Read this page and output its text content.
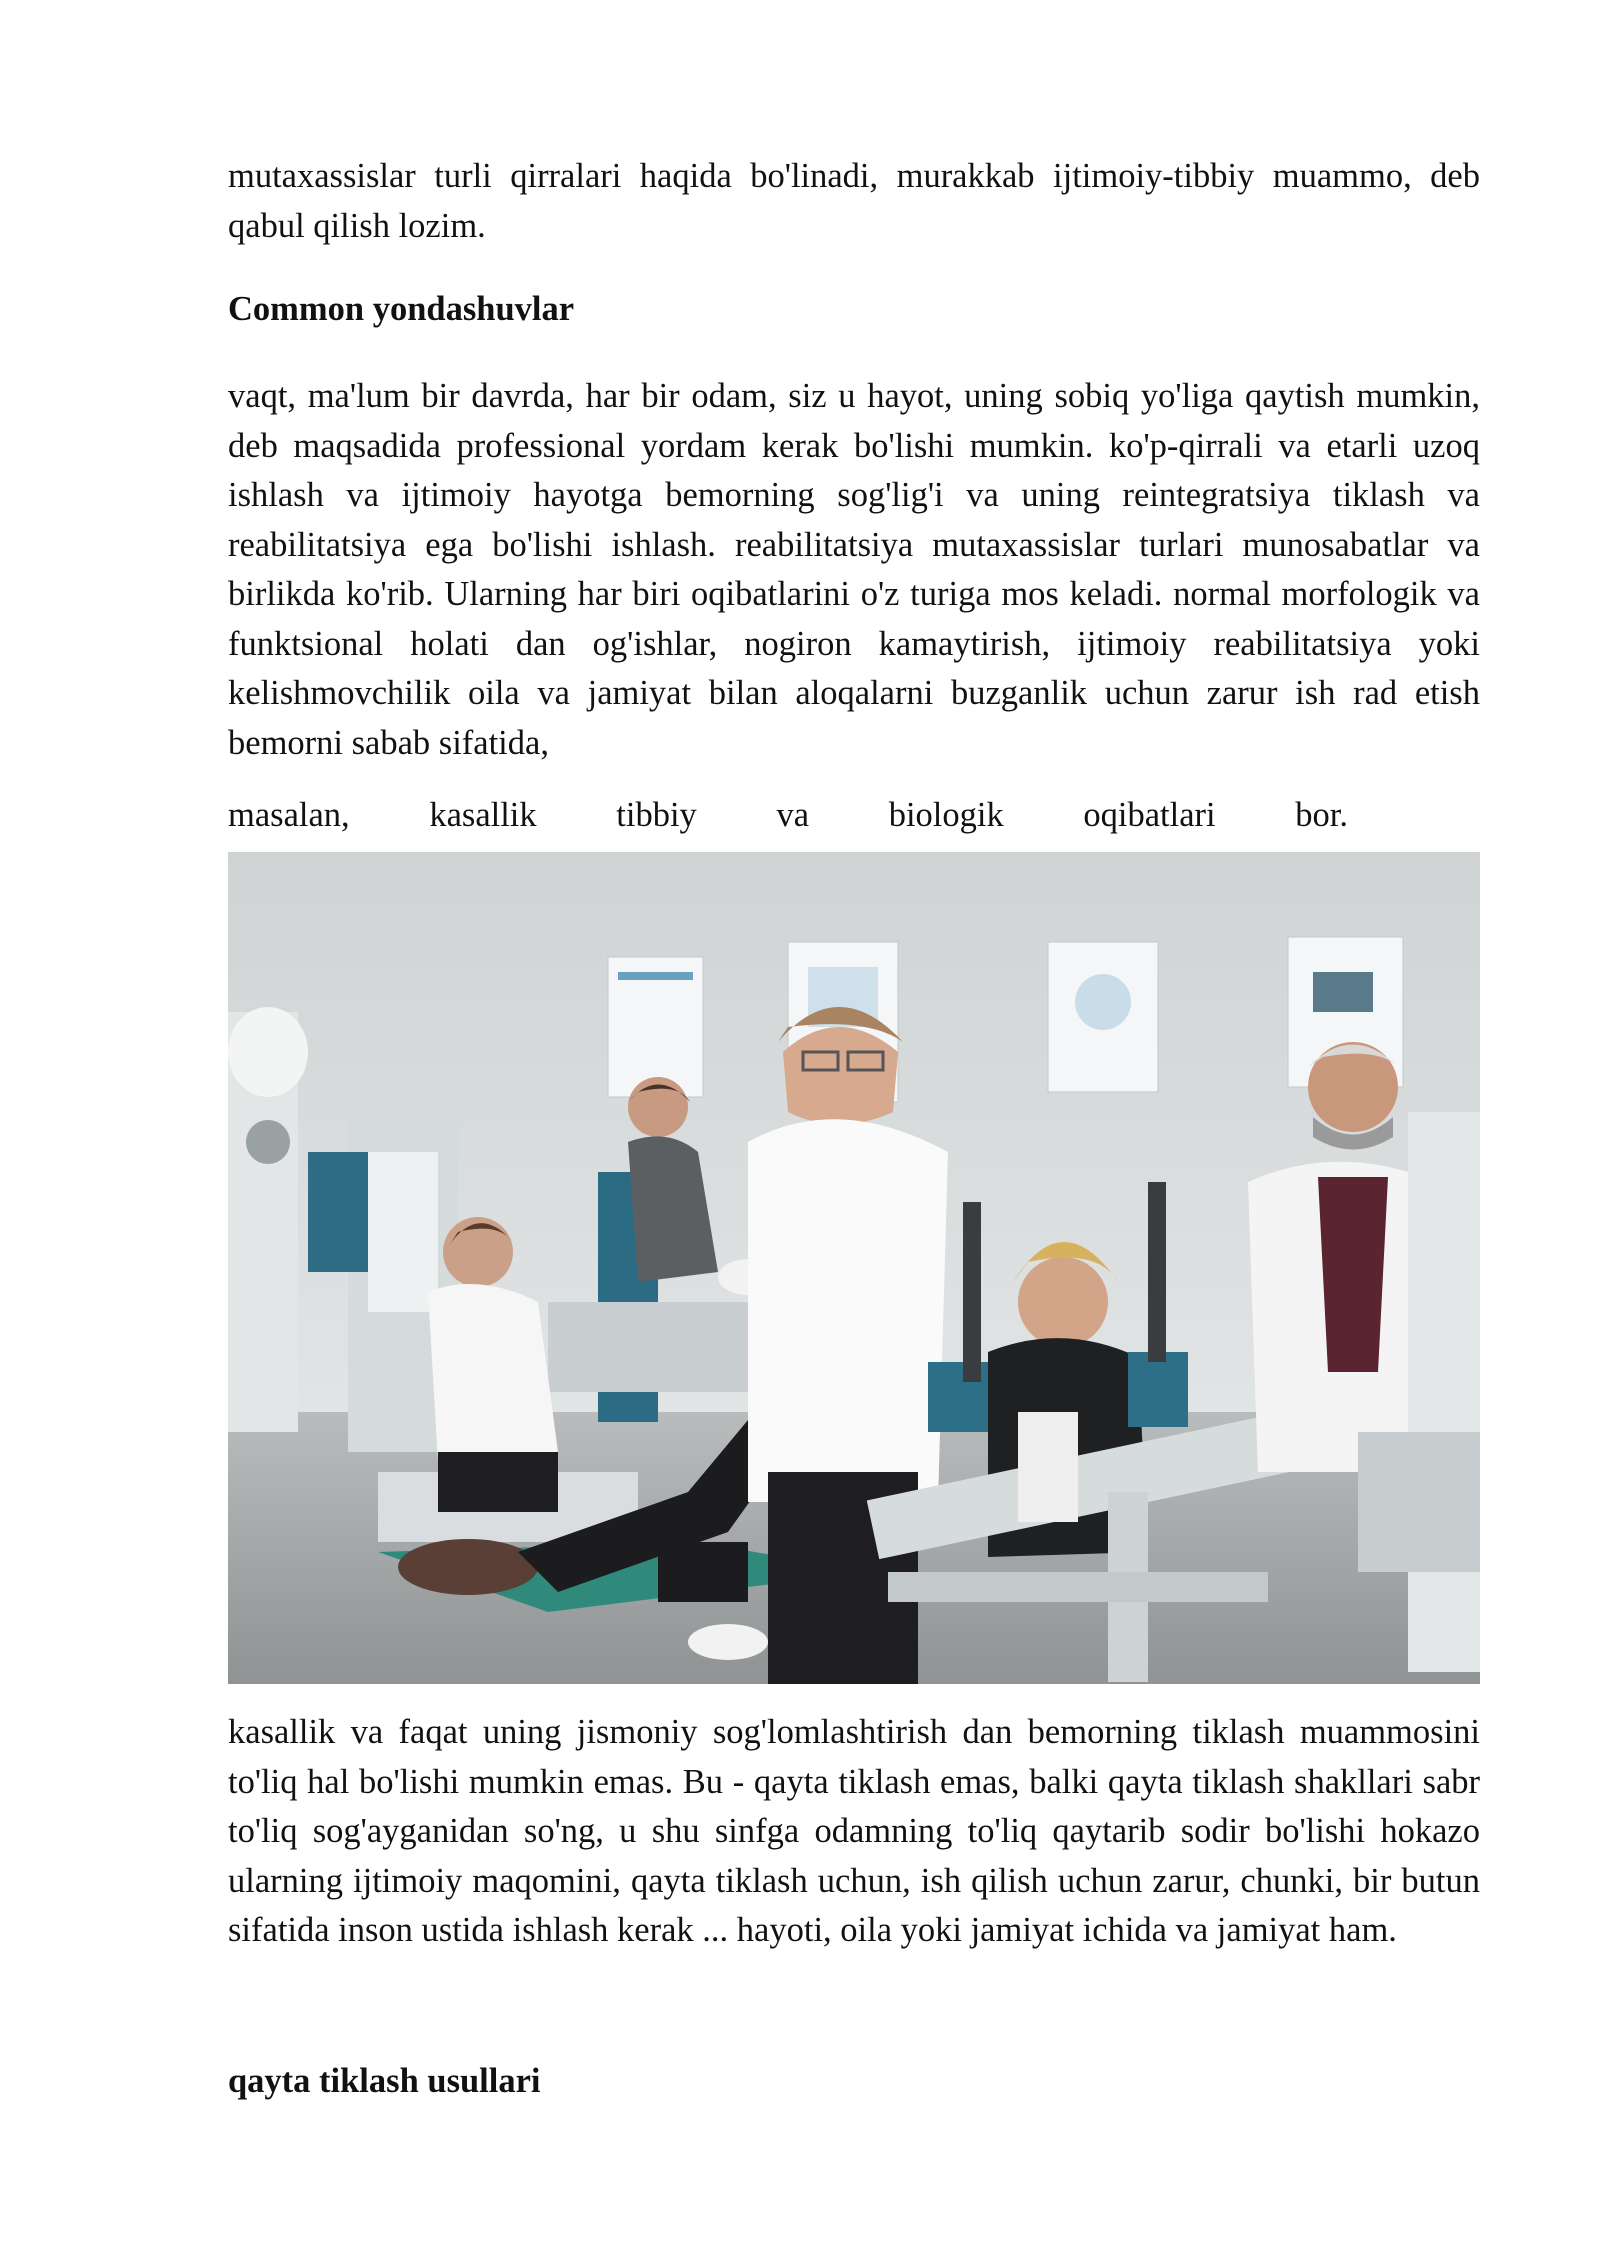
mutaxassislar turli qirralari haqida bo'linadi, murakkab ijtimoiy-tibbiy muammo, deb qabul qilish lozim.

Common yondashuvlar

vaqt, ma'lum bir davrda, har bir odam, siz u hayot, uning sobiq yo'liga qaytish mumkin, deb maqsadida professional yordam kerak bo'lishi mumkin. ko'p-qirrali va etarli uzoq ishlash va ijtimoiy hayotga bemorning sog'lig'i va uning reintegratsiya tiklash va reabilitatsiya ega bo'lishi ishlash. reabilitatsiya mutaxassislar turlari munosabatlar va birlikda ko'rib. Ularning har biri oqibatlarini o'z turiga mos keladi. normal morfologik va funktsional holati dan og'ishlar, nogiron kamaytirish, ijtimoiy reabilitatsiya yoki kelishmovchilik oila va jamiyat bilan aloqalarni buzganlik uchun zarur ish rad etish bemorni sabab sifatida,

masalan, kasallik tibbiy va biologik oqibatlari bor.

kasallik va faqat uning jismoniy sog'lomlashtirish dan bemorning tiklash muammosini to'liq hal bo'lishi mumkin emas. Bu - qayta tiklash emas, balki qayta tiklash shakllari sabr to'liq sog'ayganidan so'ng, u shu sinfga odamning to'liq qaytarib sodir bo'lishi hokazo ularning ijtimoiy maqomini, qayta tiklash uchun, ish qilish uchun zarur, chunki, bir butun sifatida inson ustida ishlash kerak ... hayoti, oila yoki jamiyat ichida va jamiyat ham.

qayta tiklash usullari
